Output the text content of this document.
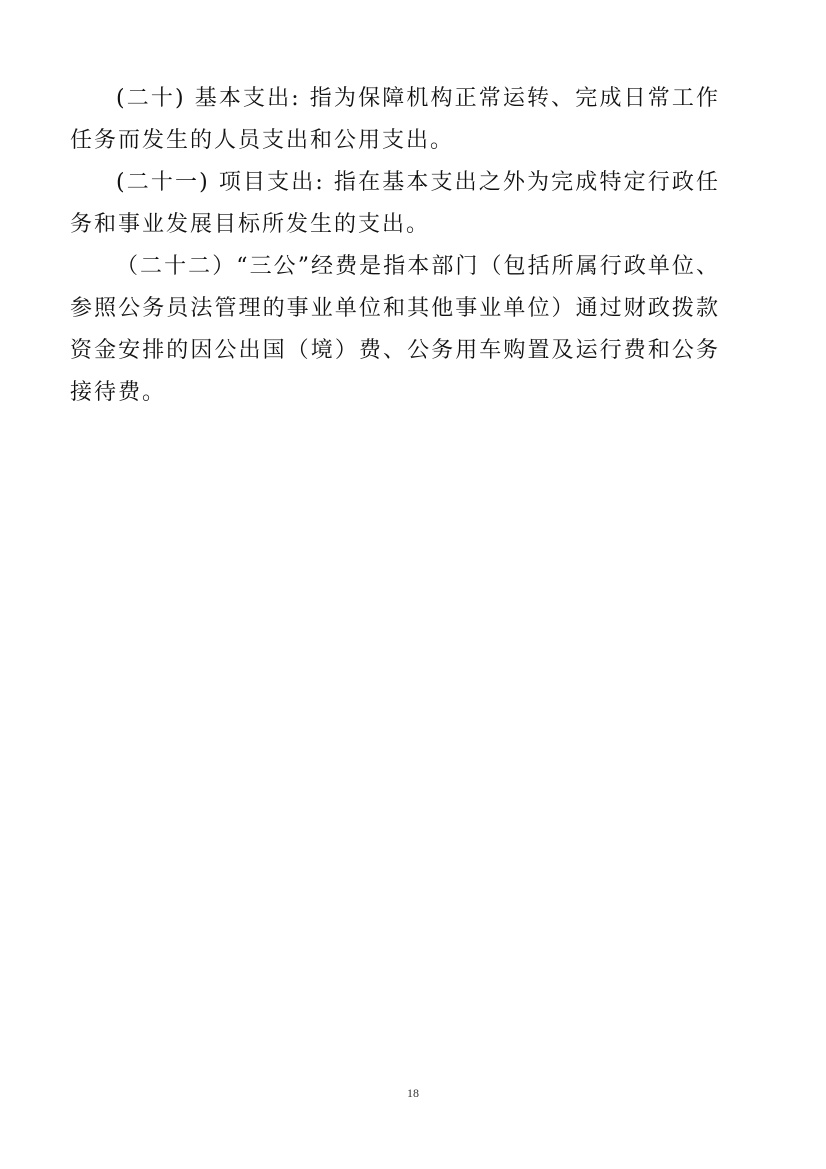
(二十) 基本支出: 指为保障机构正常运转、完成日常工作任务而发生的人员支出和公用支出。

(二十一) 项目支出: 指在基本支出之外为完成特定行政任务和事业发展目标所发生的支出。

（二十二）“三公”经费是指本部门（包括所属行政单位、参照公务员法管理的事业单位和其他事业单位）通过财政拨款资金安排的因公出国（境）费、公务用车购置及运行费和公务接待费。

18
